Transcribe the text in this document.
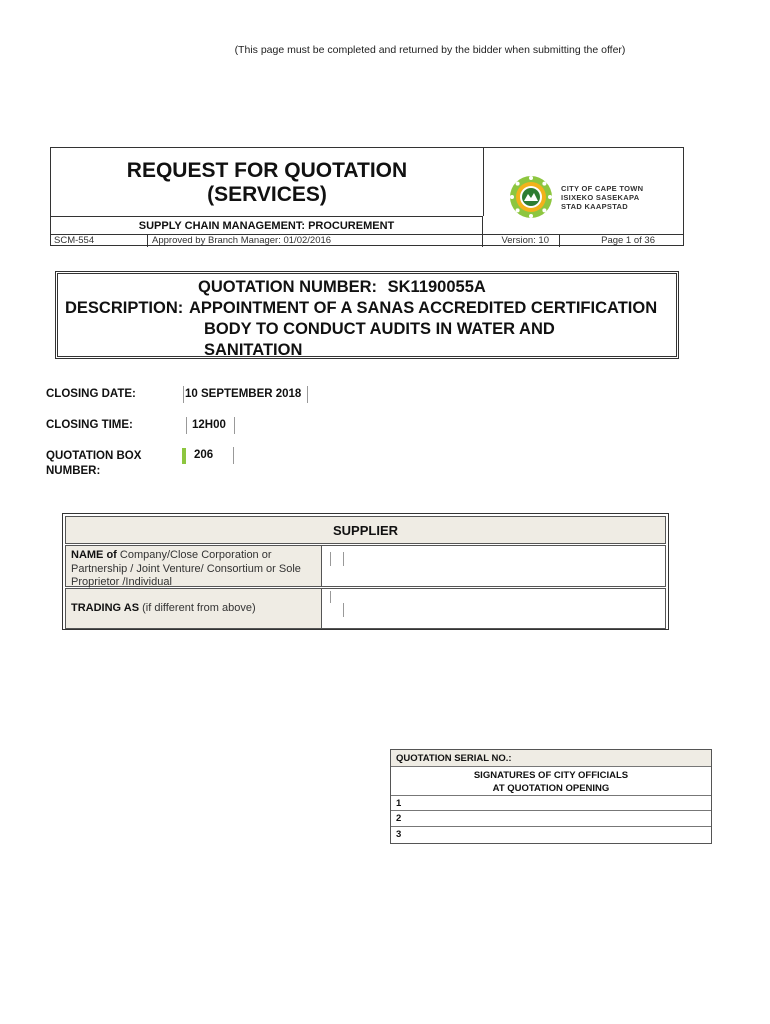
(This page must be completed and returned by the bidder when submitting the offer)
REQUEST FOR QUOTATION
(SERVICES)	CITY OF CAPE TOWN
ISIXEKO SASEKAPA
STAD KAAPSTAD
SUPPLY CHAIN MANAGEMENT: PROCUREMENT
SCM-554	Approved by Branch Manager: 01/02/2016	Version: 10	Page 1 of 36
QUOTATION NUMBER: SK1190055A
DESCRIPTION: APPOINTMENT OF A SANAS ACCREDITED CERTIFICATION
BODY TO CONDUCT AUDITS IN WATER AND
SANITATION
CLOSING DATE:	10 SEPTEMBER 2018
CLOSING TIME:	12H00
QUOTATION BOX
NUMBER:
206
SUPPLIER
NAME of Company/Close Corporation or Partnership / Joint Venture/ Consortium or Sole Proprietor /Individual
TRADING AS (if different from above)
QUOTATION SERIAL NO.:
SIGNATURES OF CITY OFFICIALS
AT QUOTATION OPENING
1
2
3
